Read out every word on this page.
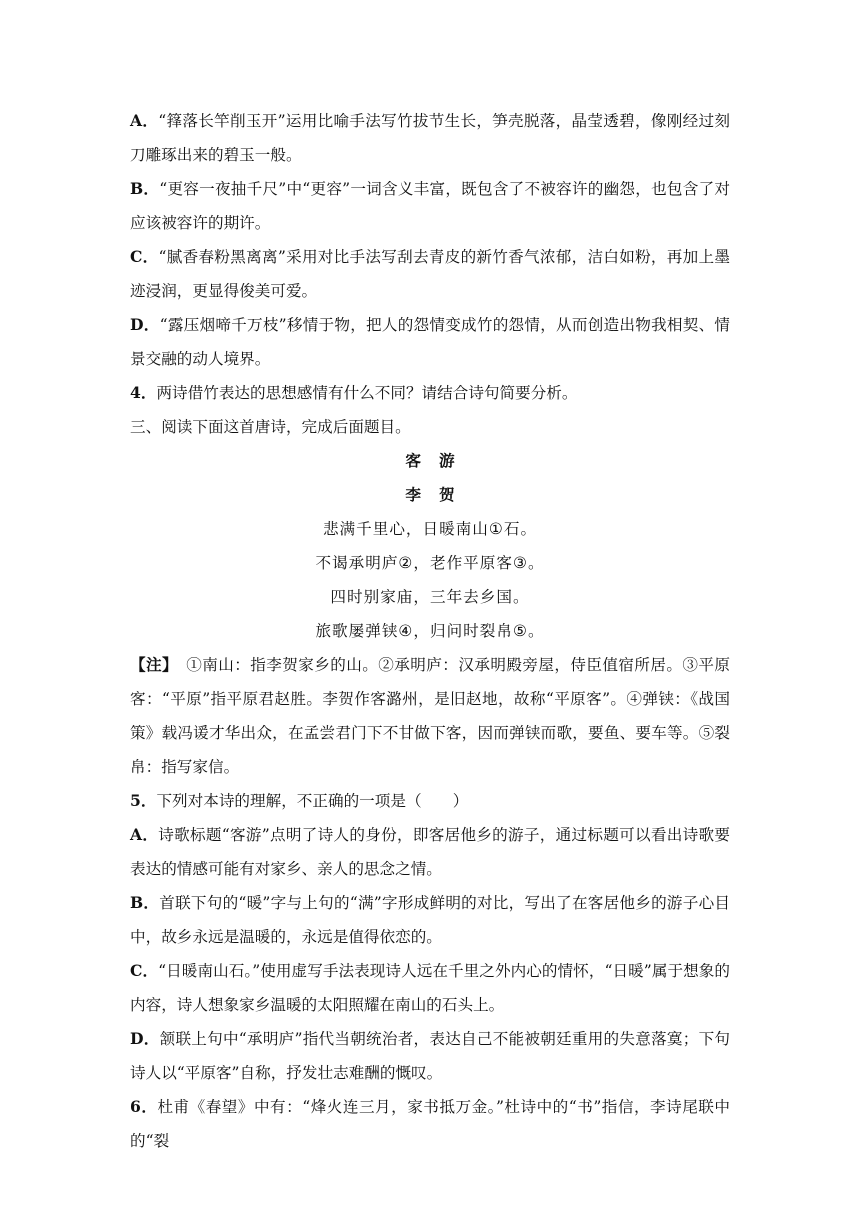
A．“箨落长竿削玉开”运用比喻手法写竹拔节生长，笋壳脱落，晶莹透碧，像刚经过刻刀雕琢出来的碧玉一般。

B．“更容一夜抽千尺”中“更容”一词含义丰富，既包含了不被容许的幽怨，也包含了对应该被容许的期许。

C．“腻香春粉黑离离”采用对比手法写刮去青皮的新竹香气浓郁，洁白如粉，再加上墨迹浸润，更显得俊美可爱。

D．“露压烟啼千万枝”移情于物，把人的怨情变成竹的怨情，从而创造出物我相契、情景交融的动人境界。

4．两诗借竹表达的思想感情有什么不同？请结合诗句简要分析。

三、阅读下面这首唐诗，完成后面题目。

客游

李贺

悲满千里心，日暖南山①石。

不谒承明庐②，老作平原客③。

四时别家庙，三年去乡国。

旅歌屡弹铗④，归问时裂帛⑤。

【注】　 ①南山：指李贺家乡的山。②承明庐：汉承明殿旁屋，侍臣值宿所居。③平原客：“平原”指平原君赵胜。李贺作客潞州，是旧赵地，故称“平原客”。④弹铗：《战国策》载冯谖才华出众，在孟尝君门下不甘做下客，因而弹铗而歌，要鱼、要车等。⑤裂帛：指写家信。

5．下列对本诗的理解，不正确的一项是（　　）

A．诗歌标题“客游”点明了诗人的身份，即客居他乡的游子，通过标题可以看出诗歌要表达的情感可能有对家乡、亲人的思念之情。

B．首联下句的“暖”字与上句的“满”字形成鲜明的对比，写出了在客居他乡的游子心目中，故乡永远是温暖的，永远是值得依恋的。

C．“日暖南山石。”使用虚写手法表现诗人远在千里之外内心的情怀，“日暖”属于想象的内容，诗人想象家乡温暖的太阳照耀在南山的石头上。

D．颔联上句中“承明庐”指代当朝统治者，表达自己不能被朝廷重用的失意落寞；下句诗人以“平原客”自称，抒发壮志难酬的慨叹。

6．杜甫《春望》中有：“烽火连三月，家书抵万金。”杜诗中的“书”指信，李诗尾联中的“裂
